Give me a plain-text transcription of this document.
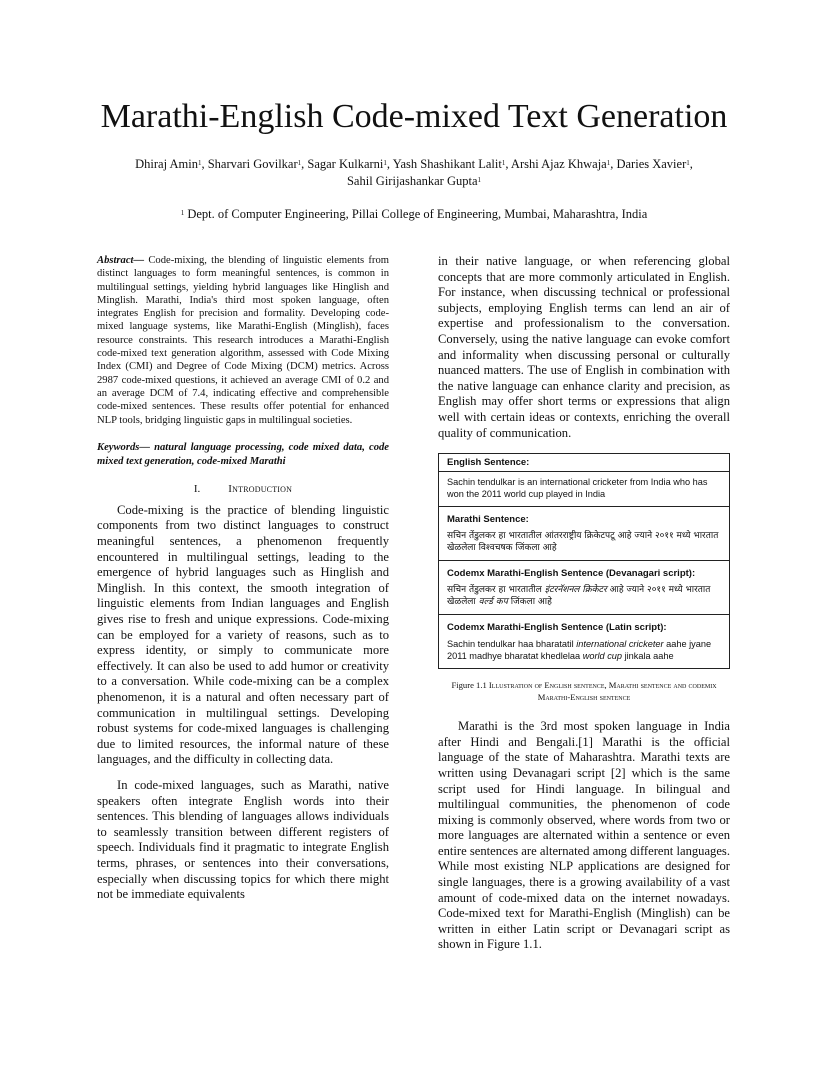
Marathi-English Code-mixed Text Generation
Dhiraj Amin$^1$, Sharvari Govilkar$^1$, Sagar Kulkarni$^1$, Yash Shashikant Lalit$^1$, Arshi Ajaz Khwaja$^1$, Daries Xavier$^1$,
Sahil Girijashankar Gupta$^1$
$^1$ Dept. of Computer Engineering, Pillai College of Engineering, Mumbai, Maharashtra, India

Abstract— Code-mixing, the blending of linguistic elements from distinct languages to form meaningful sentences, is common in multilingual settings, yielding hybrid languages like Hinglish and Minglish. Marathi, India's third most spoken language, often integrates English for precision and formality. Developing code-mixed language systems, like Marathi-English (Minglish), faces resource constraints. This research introduces a Marathi-English code-mixed text generation algorithm, assessed with Code Mixing Index (CMI) and Degree of Code Mixing (DCM) metrics. Across 2987 code-mixed questions, it achieved an average CMI of 0.2 and an average DCM of 7.4, indicating effective and comprehensible code-mixed sentences. These results offer potential for enhanced NLP tools, bridging linguistic gaps in multilingual societies.

Keywords— natural language processing, code mixed data, code mixed text generation, code-mixed Marathi

I.	Introduction

Code-mixing is the practice of blending linguistic components from two distinct languages to construct meaningful sentences, a phenomenon frequently encountered in multilingual settings, leading to the emergence of hybrid languages such as Hinglish and Minglish. In this context, the smooth integration of linguistic elements from Indian languages and English gives rise to fresh and unique expressions. Code-mixing can be employed for a variety of reasons, such as to express identity, or simply to communicate more effectively. It can also be used to add humor or creativity to a conversation. While code-mixing can be a complex phenomenon, it is a natural and often necessary part of communication in multilingual settings. Developing robust systems for code-mixed languages is challenging due to limited resources, the informal nature of these languages, and the difficulty in collecting data.

In code-mixed languages, such as Marathi, native speakers often integrate English words into their sentences. This blending of languages allows individuals to seamlessly transition between different registers of speech. Individuals find it pragmatic to integrate English terms, phrases, or sentences into their conversations, especially when discussing topics for which there might not be immediate equivalents

in their native language, or when referencing global concepts that are more commonly articulated in English. For instance, when discussing technical or professional subjects, employing English terms can lend an air of expertise and professionalism to the conversation. Conversely, using the native language can evoke comfort and informality when discussing personal or culturally nuanced matters. The use of English in combination with the native language can enhance clarity and precision, as English may offer short terms or expressions that align well with certain ideas or contexts, enriching the overall quality of communication.

English Sentence:
Sachin tendulkar is an international cricketer from India who has won the 2011 world cup played in India
Marathi Sentence:
सचिन तेंडुलकर हा भारतातील आंतरराष्ट्रीय क्रिकेटपटू आहे ज्याने २०११ मध्ये भारतात खेळलेला विश्वचषक जिंकला आहे
Codemx Marathi-English Sentence (Devanagari script):
सचिन तेंडुलकर हा भारतातील इंटरनॅशनल क्रिकेटर आहे ज्याने २०११ मध्ये भारतात खेळलेला वर्ल्ड कप जिंकला आहे
Codemx Marathi-English Sentence (Latin script):
Sachin tendulkar haa bharatatil international cricketer aahe jyane 2011 madhye bharatat khedlelaa world cup jinkala aahe
Figure 1.1 Illustration of English sentence, Marathi sentence and codemix Marathi-English sentence

Marathi is the 3rd most spoken language in India after Hindi and Bengali.[1] Marathi is the official language of the state of Maharashtra. Marathi texts are written using Devanagari script [2] which is the same script used for Hindi language. In bilingual and multilingual communities, the phenomenon of code mixing is commonly observed, where words from two or more languages are alternated within a sentence or even entire sentences are alternated among different languages. While most existing NLP applications are designed for single languages, there is a growing availability of a vast amount of code-mixed data on the internet nowadays. Code-mixed text for Marathi-English (Minglish) can be written in either Latin script or Devanagari script as shown in Figure 1.1.
